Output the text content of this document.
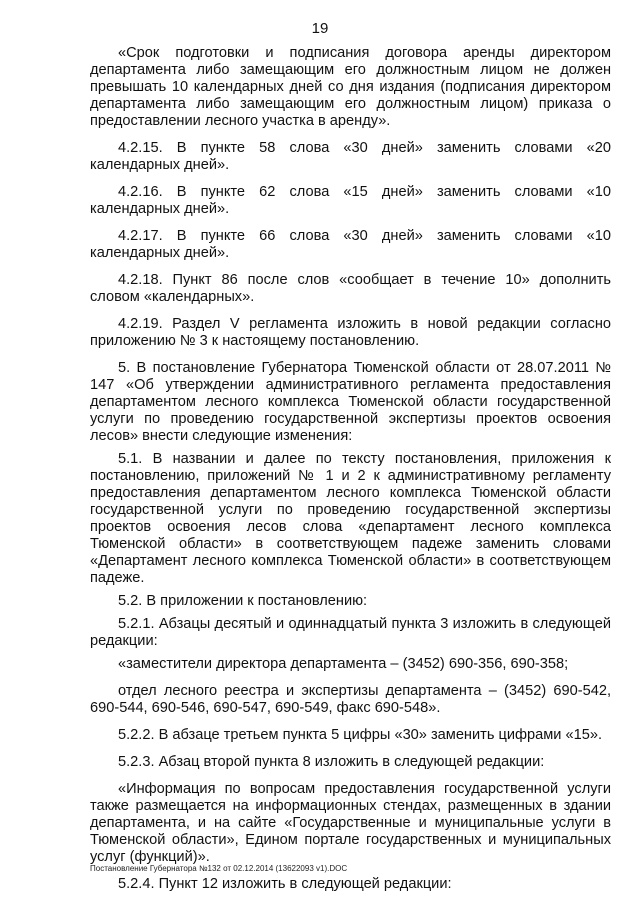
19

«Срок подготовки и подписания договора аренды директором департамента либо замещающим его должностным лицом не должен превышать 10 календарных дней со дня издания (подписания директором департамента либо замещающим его должностным лицом) приказа о предоставлении лесного участка в аренду».

4.2.15. В пункте 58 слова «30 дней» заменить словами «20 календарных дней».

4.2.16. В пункте 62 слова «15 дней» заменить словами «10 календарных дней».

4.2.17. В пункте 66 слова «30 дней» заменить словами «10 календарных дней».

4.2.18. Пункт 86 после слов «сообщает в течение 10» дополнить словом «календарных».

4.2.19. Раздел V регламента изложить в новой редакции согласно приложению № 3 к настоящему постановлению.

5. В постановление Губернатора Тюменской области от 28.07.2011 № 147 «Об утверждении административного регламента предоставления департаментом лесного комплекса Тюменской области государственной услуги по проведению государственной экспертизы проектов освоения лесов» внести следующие изменения:

5.1. В названии и далее по тексту постановления, приложения к постановлению, приложений № 1 и 2 к административному регламенту предоставления департаментом лесного комплекса Тюменской области государственной услуги по проведению государственной экспертизы проектов освоения лесов слова «департамент лесного комплекса Тюменской области» в соответствующем падеже заменить словами «Департамент лесного комплекса Тюменской области» в соответствующем падеже.

5.2. В приложении к постановлению:

5.2.1. Абзацы десятый и одиннадцатый пункта 3 изложить в следующей редакции:

«заместители директора департамента – (3452) 690-356, 690-358;

отдел лесного реестра и экспертизы департамента – (3452) 690-542, 690-544, 690-546, 690-547, 690-549, факс 690-548».

5.2.2. В абзаце третьем пункта 5 цифры «30» заменить цифрами «15».

5.2.3. Абзац второй пункта 8 изложить в следующей редакции:

«Информация по вопросам предоставления государственной услуги также размещается на информационных стендах, размещенных в здании департамента, и на сайте «Государственные и муниципальные услуги в Тюменской области», Едином портале государственных и муниципальных услуг (функций)».

5.2.4. Пункт 12 изложить в следующей редакции:

Постановление Губернатора №132 от 02.12.2014 (13622093 v1).DOC
